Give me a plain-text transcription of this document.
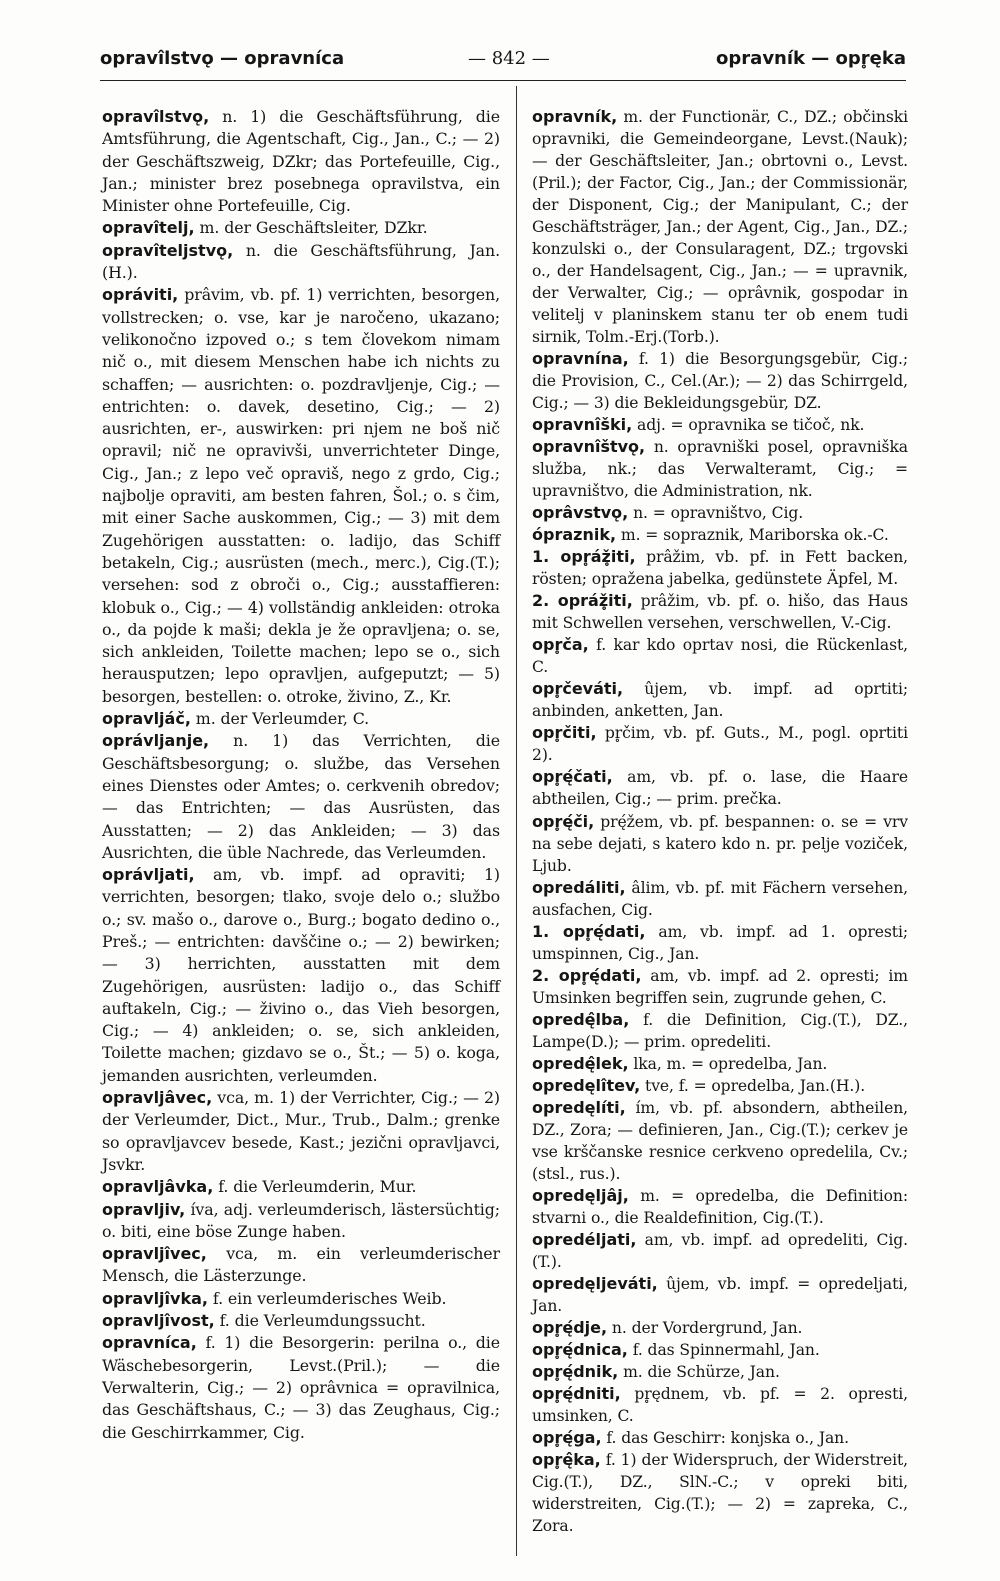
opravîlstvǫ — opravníca	— 842 —	opravník — opr̥ęka

opravîlstvǫ, n. 1) die Geschäftsführung, die Amtsführung, die Agentschaft, Cig., Jan., C.; — 2) der Geschäftszweig, DZkr; das Portefeuille, Cig., Jan.; minister brez posebnega opravilstva, ein Minister ohne Portefeuille, Cig.

opravîtelj, m. der Geschäftsleiter, DZkr.

opravîteljstvǫ, n. die Geschäftsführung, Jan.(H.).

opráviti, prâvim, vb. pf. 1) verrichten, besorgen, vollstrecken; o. vse, kar je naročeno, ukazano; velikonočno izpoved o.; s tem človekom nimam nič o., mit diesem Menschen habe ich nichts zu schaffen; — ausrichten: o. pozdravljenje, Cig.; — entrichten: o. davek, desetino, Cig.; — 2) ausrichten, er-, auswirken: pri njem ne boš nič opravil; nič ne opravivši, unverrichteter Dinge, Cig., Jan.; z lepo več opraviš, nego z grdo, Cig.; najbolje opraviti, am besten fahren, Šol.; o. s čim, mit einer Sache auskommen, Cig.; — 3) mit dem Zugehörigen ausstatten: o. ladijo, das Schiff betakeln, Cig.; ausrüsten (mech., merc.), Cig.(T.); versehen: sod z obroči o., Cig.; ausstaffieren: klobuk o., Cig.; — 4) vollständig ankleiden: otroka o., da pojde k maši; dekla je že opravljena; o. se, sich ankleiden, Toilette machen; lepo se o., sich herausputzen; lepo opravljen, aufgeputzt; — 5) besorgen, bestellen: o. otroke, živino, Z., Kr.

opravljáč, m. der Verleumder, C.

oprávljanje, n. 1) das Verrichten, die Geschäftsbesorgung; o. službe, das Versehen eines Dienstes oder Amtes; o. cerkvenih obredov; — das Entrichten; — das Ausrüsten, das Ausstatten; — 2) das Ankleiden; — 3) das Ausrichten, die üble Nachrede, das Verleumden.

oprávljati, am, vb. impf. ad opraviti; 1) verrichten, besorgen; tlako, svoje delo o.; službo o.; sv. mašo o., darove o., Burg.; bogato dedino o., Preš.; — entrichten: davščine o.; — 2) bewirken; — 3) herrichten, ausstatten mit dem Zugehörigen, ausrüsten: ladijo o., das Schiff auftakeln, Cig.; — živino o., das Vieh besorgen, Cig.; — 4) ankleiden; o. se, sich ankleiden, Toilette machen; gizdavo se o., Št.; — 5) o. koga, jemanden ausrichten, verleumden.

opravljâvec, vca, m. 1) der Verrichter, Cig.; — 2) der Verleumder, Dict., Mur., Trub., Dalm.; grenke so opravljavcev besede, Kast.; jezični opravljavci, Jsvkr.

opravljâvka, f. die Verleumderin, Mur.

opravljiv, íva, adj. verleumderisch, lästersüchtig; o. biti, eine böse Zunge haben.

opravljîvec, vca, m. ein verleumderischer Mensch, die Lästerzunge.

opravljîvka, f. ein verleumderisches Weib.

opravljîvost, f. die Verleumdungssucht.

opravníca, f. 1) die Besorgerin: perilna o., die Wäschebesorgerin, Levst.(Pril.); — die Verwalterin, Cig.; — 2) oprâvnica = opravilnica, das Geschäftshaus, C.; — 3) das Zeughaus, Cig.; die Geschirrkammer, Cig.

opravník, m. der Functionär, C., DZ.; občinski opravniki, die Gemeindeorgane, Levst.(Nauk); — der Geschäftsleiter, Jan.; obrtovni o., Levst.(Pril.); der Factor, Cig., Jan.; der Commissionär, der Disponent, Cig.; der Manipulant, C.; der Geschäftsträger, Jan.; der Agent, Cig., Jan., DZ.; konzulski o., der Consularagent, DZ.; trgovski o., der Handelsagent, Cig., Jan.; — = upravnik, der Verwalter, Cig.; — oprâvnik, gospodar in velitelj v planinskem stanu ter ob enem tudi sirnik, Tolm.-Erj.(Torb.).

opravnína, f. 1) die Besorgungsgebür, Cig.; die Provision, C., Cel.(Ar.); — 2) das Schirrgeld, Cig.; — 3) die Bekleidungsgebür, DZ.

opravnîški, adj. = opravnika se tičoč, nk.

opravnîštvǫ, n. opravniški posel, opravniška služba, nk.; das Verwalteramt, Cig.; = upravništvo, die Administration, nk.

oprâvstvǫ, n. = opravništvo, Cig.

ópraznik, m. = sopraznik, Mariborska ok.-C.

1. opr̥áž̥iti, prâžim, vb. pf. in Fett backen, rösten; opražena jabelka, gedünstete Äpfel, M.

2. opráž̥iti, prâžim, vb. pf. o. hišo, das Haus mit Schwellen versehen, verschwellen, V.-Cig.

opr̥ča, f. kar kdo oprtav nosi, die Rückenlast, C.

opr̥čeváti, ûjem, vb. impf. ad oprtiti; anbinden, anketten, Jan.

opr̥čiti, pr̥čim, vb. pf. Guts., M., pogl. oprtiti 2).

opr̥ę́čati, am, vb. pf. o. lase, die Haare abtheilen, Cig.; — prim. prečka.

opr̥ę́či, prę́žem, vb. pf. bespannen: o. se = vrv na sebe dejati, s katero kdo n. pr. pelje voziček, Ljub.

opredáliti, âlim, vb. pf. mit Fächern versehen, ausfachen, Cig.

1. opr̥ę́dati, am, vb. impf. ad 1. opresti; umspinnen, Cig., Jan.

2. opr̥ę́dati, am, vb. impf. ad 2. opresti; im Umsinken begriffen sein, zugrunde gehen, C.

opredę̂lba, f. die Definition, Cig.(T.), DZ., Lampe(D.); — prim. opredeliti.

opredę̂lek, lka, m. = opredelba, Jan.

opredęlîtev, tve, f. = opredelba, Jan.(H.).

opredęlíti, ím, vb. pf. absondern, abtheilen, DZ., Zora; — definieren, Jan., Cig.(T.); cerkev je vse krščanske resnice cerkveno opredelila, Cv.; (stsl., rus.).

opredęljâj, m. = opredelba, die Definition: stvarni o., die Realdefinition, Cig.(T.).

opredéljati, am, vb. impf. ad opredeliti, Cig.(T.).

opredęljeváti, ûjem, vb. impf. = opredeljati, Jan.

opr̥ę́dje, n. der Vordergrund, Jan.

opr̥ę́dnica, f. das Spinnermahl, Jan.

opr̥ę́dnik, m. die Schürze, Jan.

opr̥ę́dniti, pr̥ędnem, vb. pf. = 2. opresti, umsinken, C.

opr̥ę́ga, f. das Geschirr: konjska o., Jan.

opr̥ę̂ka, f. 1) der Widerspruch, der Widerstreit, Cig.(T.), DZ., SlN.-C.; v opreki biti, widerstreiten, Cig.(T.); — 2) = zapreka, C., Zora.
